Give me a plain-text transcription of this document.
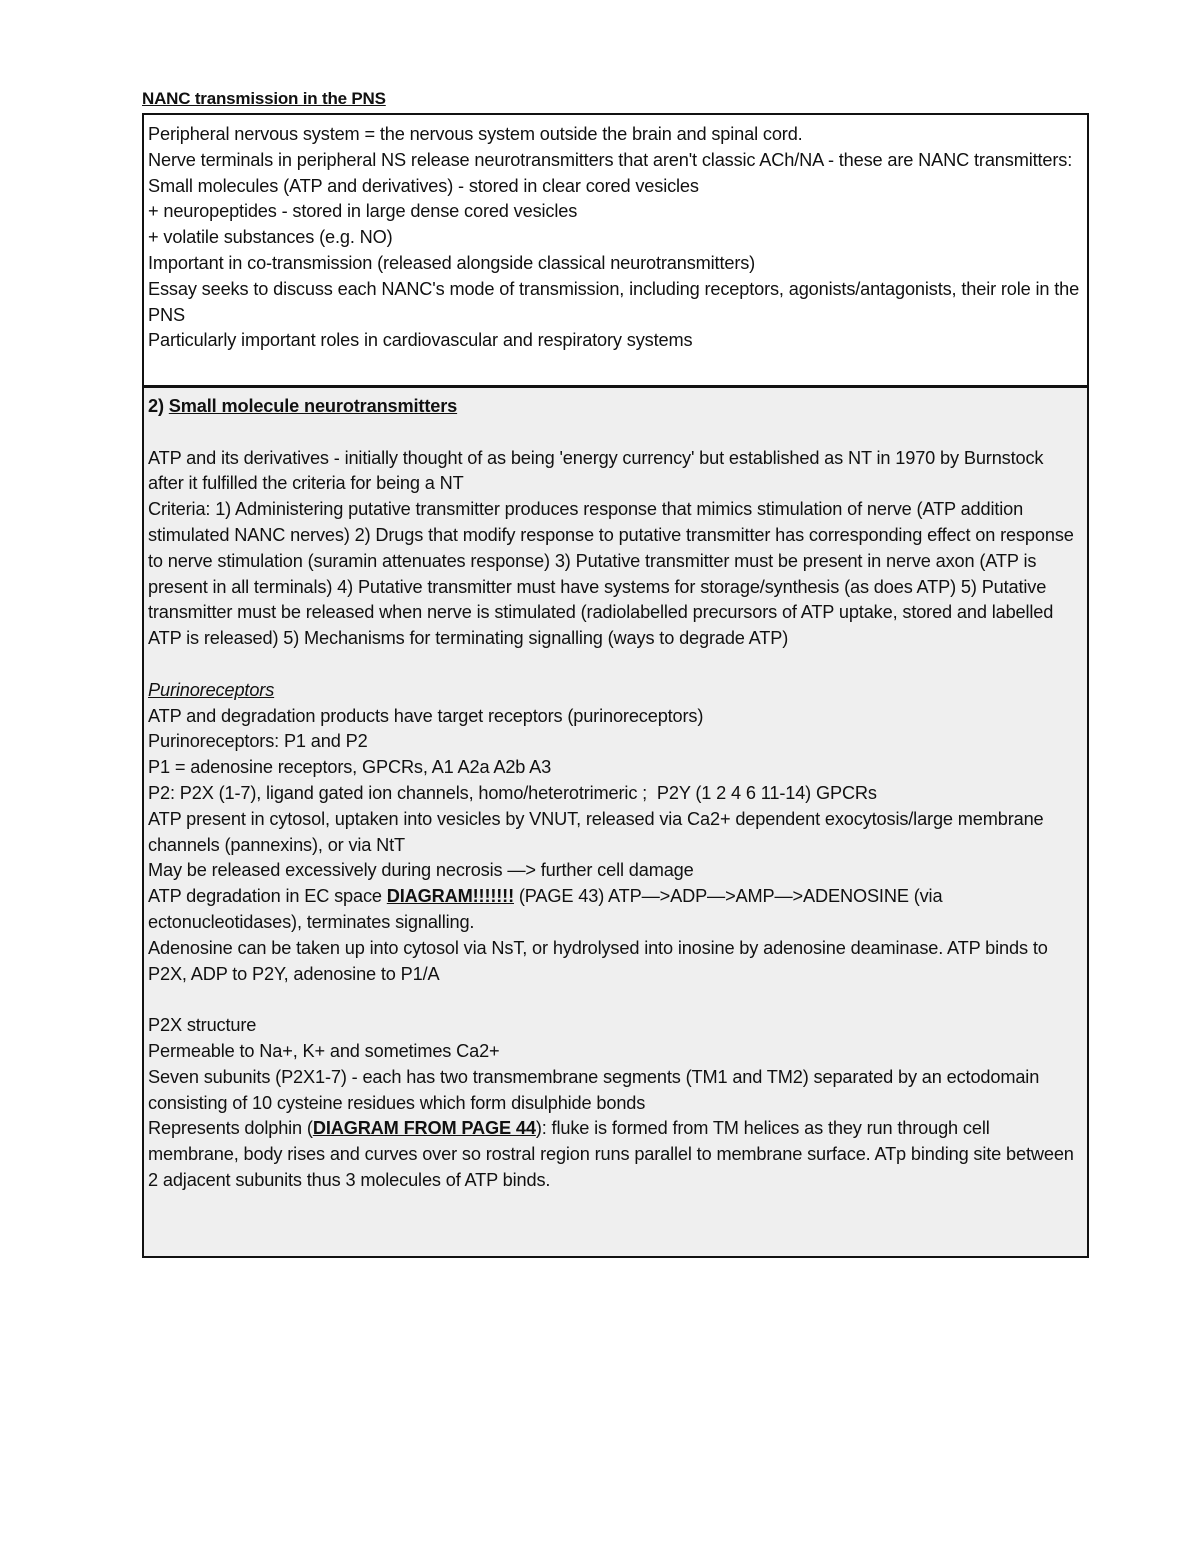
NANC transmission in the PNS
Peripheral nervous system = the nervous system outside the brain and spinal cord.
Nerve terminals in peripheral NS release neurotransmitters that aren't classic ACh/NA - these are NANC transmitters:
Small molecules (ATP and derivatives) - stored in clear cored vesicles
+ neuropeptides - stored in large dense cored vesicles
+ volatile substances (e.g. NO)
Important in co-transmission (released alongside classical neurotransmitters)
Essay seeks to discuss each NANC's mode of transmission, including receptors, agonists/antagonists, their role in the PNS
Particularly important roles in cardiovascular and respiratory systems
2) Small molecule neurotransmitters
ATP and its derivatives - initially thought of as being 'energy currency' but established as NT in 1970 by Burnstock after it fulfilled the criteria for being a NT
Criteria: 1) Administering putative transmitter produces response that mimics stimulation of nerve (ATP addition stimulated NANC nerves) 2) Drugs that modify response to putative transmitter has corresponding effect on response to nerve stimulation (suramin attenuates response) 3) Putative transmitter must be present in nerve axon (ATP is present in all terminals) 4) Putative transmitter must have systems for storage/synthesis (as does ATP) 5) Putative transmitter must be released when nerve is stimulated (radiolabelled precursors of ATP uptake, stored and labelled ATP is released) 5) Mechanisms for terminating signalling (ways to degrade ATP)
Purinoreceptors
ATP and degradation products have target receptors (purinoreceptors)
Purinoreceptors: P1 and P2
P1 = adenosine receptors, GPCRs, A1 A2a A2b A3
P2: P2X (1-7), ligand gated ion channels, homo/heterotrimeric ;  P2Y (1 2 4 6 11-14) GPCRs
ATP present in cytosol, uptaken into vesicles by VNUT, released via Ca2+ dependent exocytosis/large membrane channels (pannexins), or via NtT
May be released excessively during necrosis —> further cell damage
ATP degradation in EC space DIAGRAM!!!!!!! (PAGE 43) ATP—>ADP—>AMP—>ADENOSINE (via ectonucleotidases), terminates signalling.
Adenosine can be taken up into cytosol via NsT, or hydrolysed into inosine by adenosine deaminase. ATP binds to P2X, ADP to P2Y, adenosine to P1/A
P2X structure
Permeable to Na+, K+ and sometimes Ca2+
Seven subunits (P2X1-7) - each has two transmembrane segments (TM1 and TM2) separated by an ectodomain consisting of 10 cysteine residues which form disulphide bonds
Represents dolphin (DIAGRAM FROM PAGE 44): fluke is formed from TM helices as they run through cell membrane, body rises and curves over so rostral region runs parallel to membrane surface. ATp binding site between 2 adjacent subunits thus 3 molecules of ATP binds.
